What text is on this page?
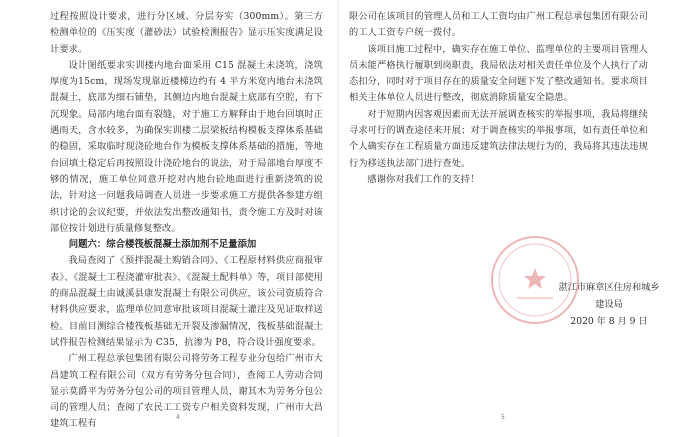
过程按照设计要求，进行分区域、分层夯实（300mm）。第三方检测单位的《压实度（灌砂法）试验检测报告》显示压实度满足设计要求。

设计图纸要求实训楼内地台面采用 C15 混凝土未浇筑，浇筑厚度为15cm，现场发现靠近楼梯边约有 4 平方米宽内地台未浇筑混凝土，底部为细石铺垫，其侧边内地台混凝土底部有空腔，有下沉现象。局部内地台面有裂缝，对于施工方解释由于地台回填时正遇雨天，含水较多，为确保实训楼二层梁板结构模板支撑体系基础的稳固，采取临时现浇砼地台作为模板支撑体系基础的措施，等地台回填土稳定后再按照设计浇砼地台的说法，对于局部地台厚度不够的情况，施工单位同意开挖对内地台砼地面进行重新浇筑的说法，针对这一问题我局调查人员进一步要求施工方提供各参建方组织讨论的会议纪要，并依法发出整改通知书，责令施工方及时对该部位按计划进行质量修复整改。

问题六：综合楼筏板混凝土添加剂不足量添加

我局查阅了《预拌混凝土购销合同》、《工程原材料供应商报审表》、《混凝土工程浇灌审批表》、《混凝土配料单》等，项目部使用的商品混凝土由诚溪县康发混凝土有限公司供应，该公司资质符合材料供应要求，监理单位同意审批该项目混凝土灌注及见证取样送检。目前目测综合楼筏板基础无开裂及渗漏情况，筏板基础混凝土试件报告检测结果显示为 C35，抗渗为 P8，符合设计强度要求。

广州工程总承包集团有限公司将劳务工程专业分包给广州市大昌建筑工程有限公司（双方有劳务分包合同），查阅工人劳动合同显示莫爵平为劳务分包公司的项目管理人员，谢其木为劳务分包公司的管理人员；查阅了农民工工资专户相关资料发现，广州市大昌建筑工程有

4

限公司在该项目的管理人员和工人工资均由广州工程总承包集团有限公司的工人工资专户统一拨付。

该项目施工过程中，确实存在施工单位、监理单位的主要项目管理人员未能严格执行履职到岗职责，我局依法对相关责任单位及个人执行了动态扣分，同时对于项目存在的质量安全问题下发了整改通知书。要求项目相关主体单位人员进行整改，彻底消除质量安全隐患。

对于短期内因客观因素而无法开展调查核实的举报事项，我局将继续寻求可行的调查途径来开展；对于调查核实的举报事项，如有责任单位和个人确实存在工程质量方面违反建筑法律法规行为的，我局将其违法违规行为移送执法部门进行查处。

感谢你对我们工作的支持！

湛江市麻章区住房和城乡建设局

2020 年 8 月 9 日

5
